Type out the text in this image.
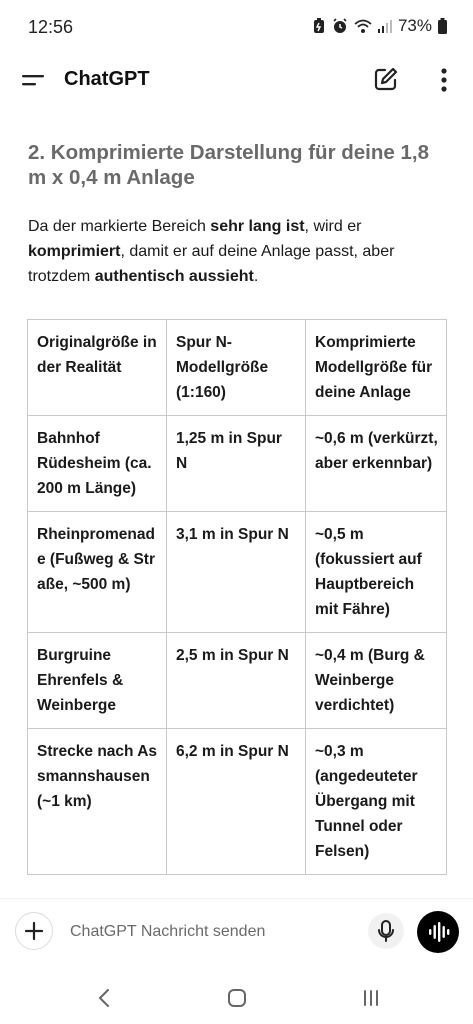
12:56	73%
ChatGPT
2. Komprimierte Darstellung für deine 1,8 m x 0,4 m Anlage

Da der markierte Bereich sehr lang ist, wird er komprimiert, damit er auf deine Anlage passt, aber trotzdem authentisch aussieht.

Originalgröße in der Realität	Spur N-Modellgröße (1:160)	Komprimierte Modellgröße für deine Anlage
Bahnhof Rüdesheim (ca. 200 m Länge)	1,25 m in Spur N	~0,6 m (verkürzt, aber erkennbar)
Rheinpromenade (Fußweg & Straße, ~500 m)	3,1 m in Spur N	~0,5 m (fokussiert auf Hauptbereich mit Fähre)
Burgruine Ehrenfels & Weinberge	2,5 m in Spur N	~0,4 m (Burg & Weinberge verdichtet)
Strecke nach Assmannshausen (~1 km)	6,2 m in Spur N	~0,3 m (angedeuteter Übergang mit Tunnel oder Felsen)
ChatGPT Nachricht senden
